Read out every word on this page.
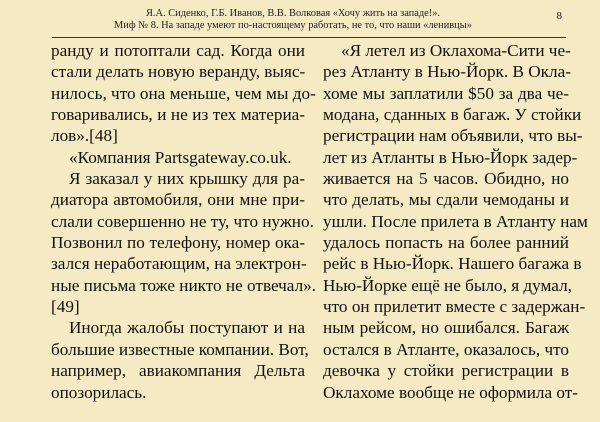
Я.А. Сиденко, Г.Б. Иванов, В.В. Волковая «Хочу жить на западе!».
Миф № 8. На западе умеют по-настоящему работать, не то, что наши «ленивцы»
8
ранду и потоптали сад. Когда они
стали делать новую веранду, выяс-
нилось, что она меньше, чем мы до-
говаривались, и не из тех материа-
лов».[48]
«Компания Partsgateway.co.uk.
Я заказал у них крышку для ра-
диатора автомобиля, они мне при-
слали совершенно не ту, что нужно.
Позвонил по телефону, номер ока-
зался неработающим, на электрон-
ные письма тоже никто не отвечал».
[49]
Иногда жалобы поступают и на
большие известные компании. Вот,
например, авиакомпания Дельта
опозорилась.
«Я летел из Оклахома-Сити че-
рез Атланту в Нью-Йорк. В Окла-
хоме мы заплатили $50 за два че-
модана, сданных в багаж. У стойки
регистрации нам объявили, что вы-
лет из Атланты в Нью-Йорк задер-
живается на 5 часов. Обидно, но
что делать, мы сдали чемоданы и
ушли. После прилета в Атланту нам
удалось попасть на более ранний
рейс в Нью-Йорк. Нашего багажа в
Нью-Йорке ещё не было, я думал,
что он прилетит вместе с задержан-
ным рейсом, но ошибался. Багаж
остался в Атланте, оказалось, что
девочка у стойки регистрации в
Оклахоме вообще не оформила от-
